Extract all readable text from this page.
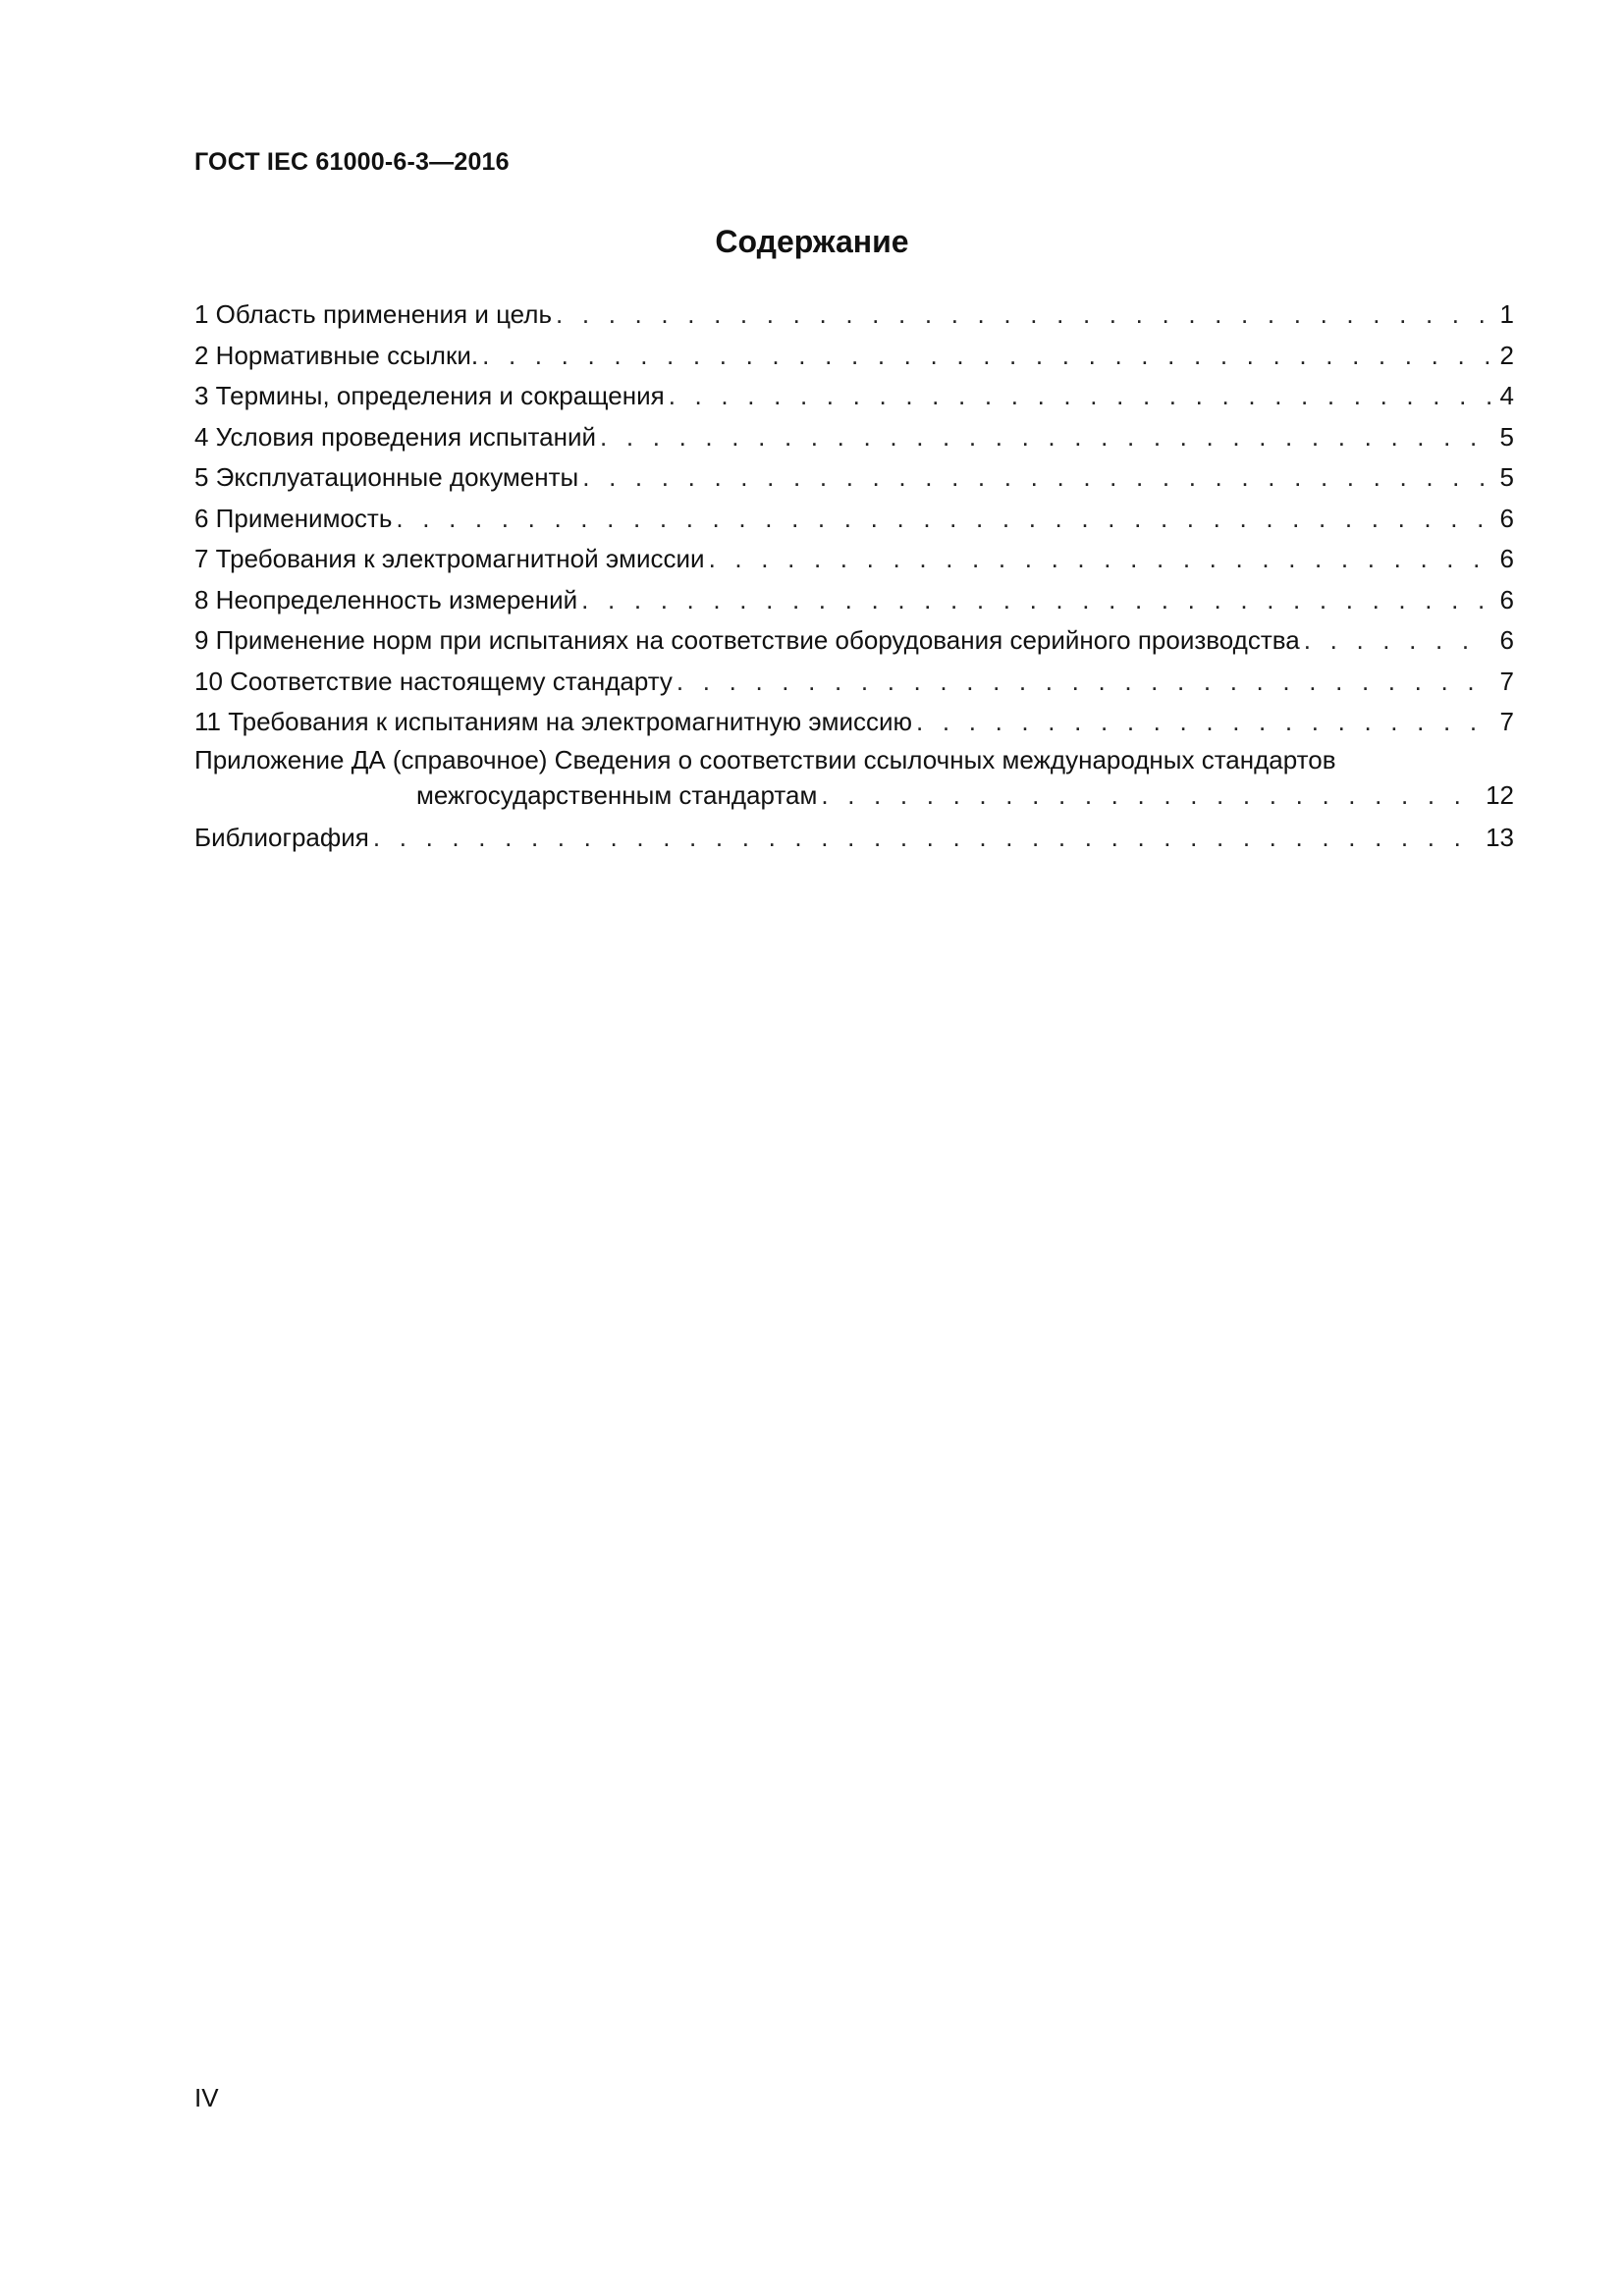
ГОСТ IEC 61000-6-3—2016
Содержание
1 Область применения и цель . . .	1
2 Нормативные ссылки. . . .	2
3 Термины, определения и сокращения . . .	4
4 Условия проведения испытаний . . .	5
5 Эксплуатационные документы . . .	5
6 Применимость . . .	6
7 Требования к электромагнитной эмиссии . . .	6
8 Неопределенность измерений . . .	6
9 Применение норм при испытаниях на соответствие оборудования серийного производства . . .	6
10 Соответствие настоящему стандарту . . .	7
11 Требования к испытаниям на электромагнитную эмиссию . . .	7
Приложение ДА (справочное) Сведения о соответствии ссылочных международных стандартов
межгосударственным стандартам . . .	12
Библиография . . .	13
IV
